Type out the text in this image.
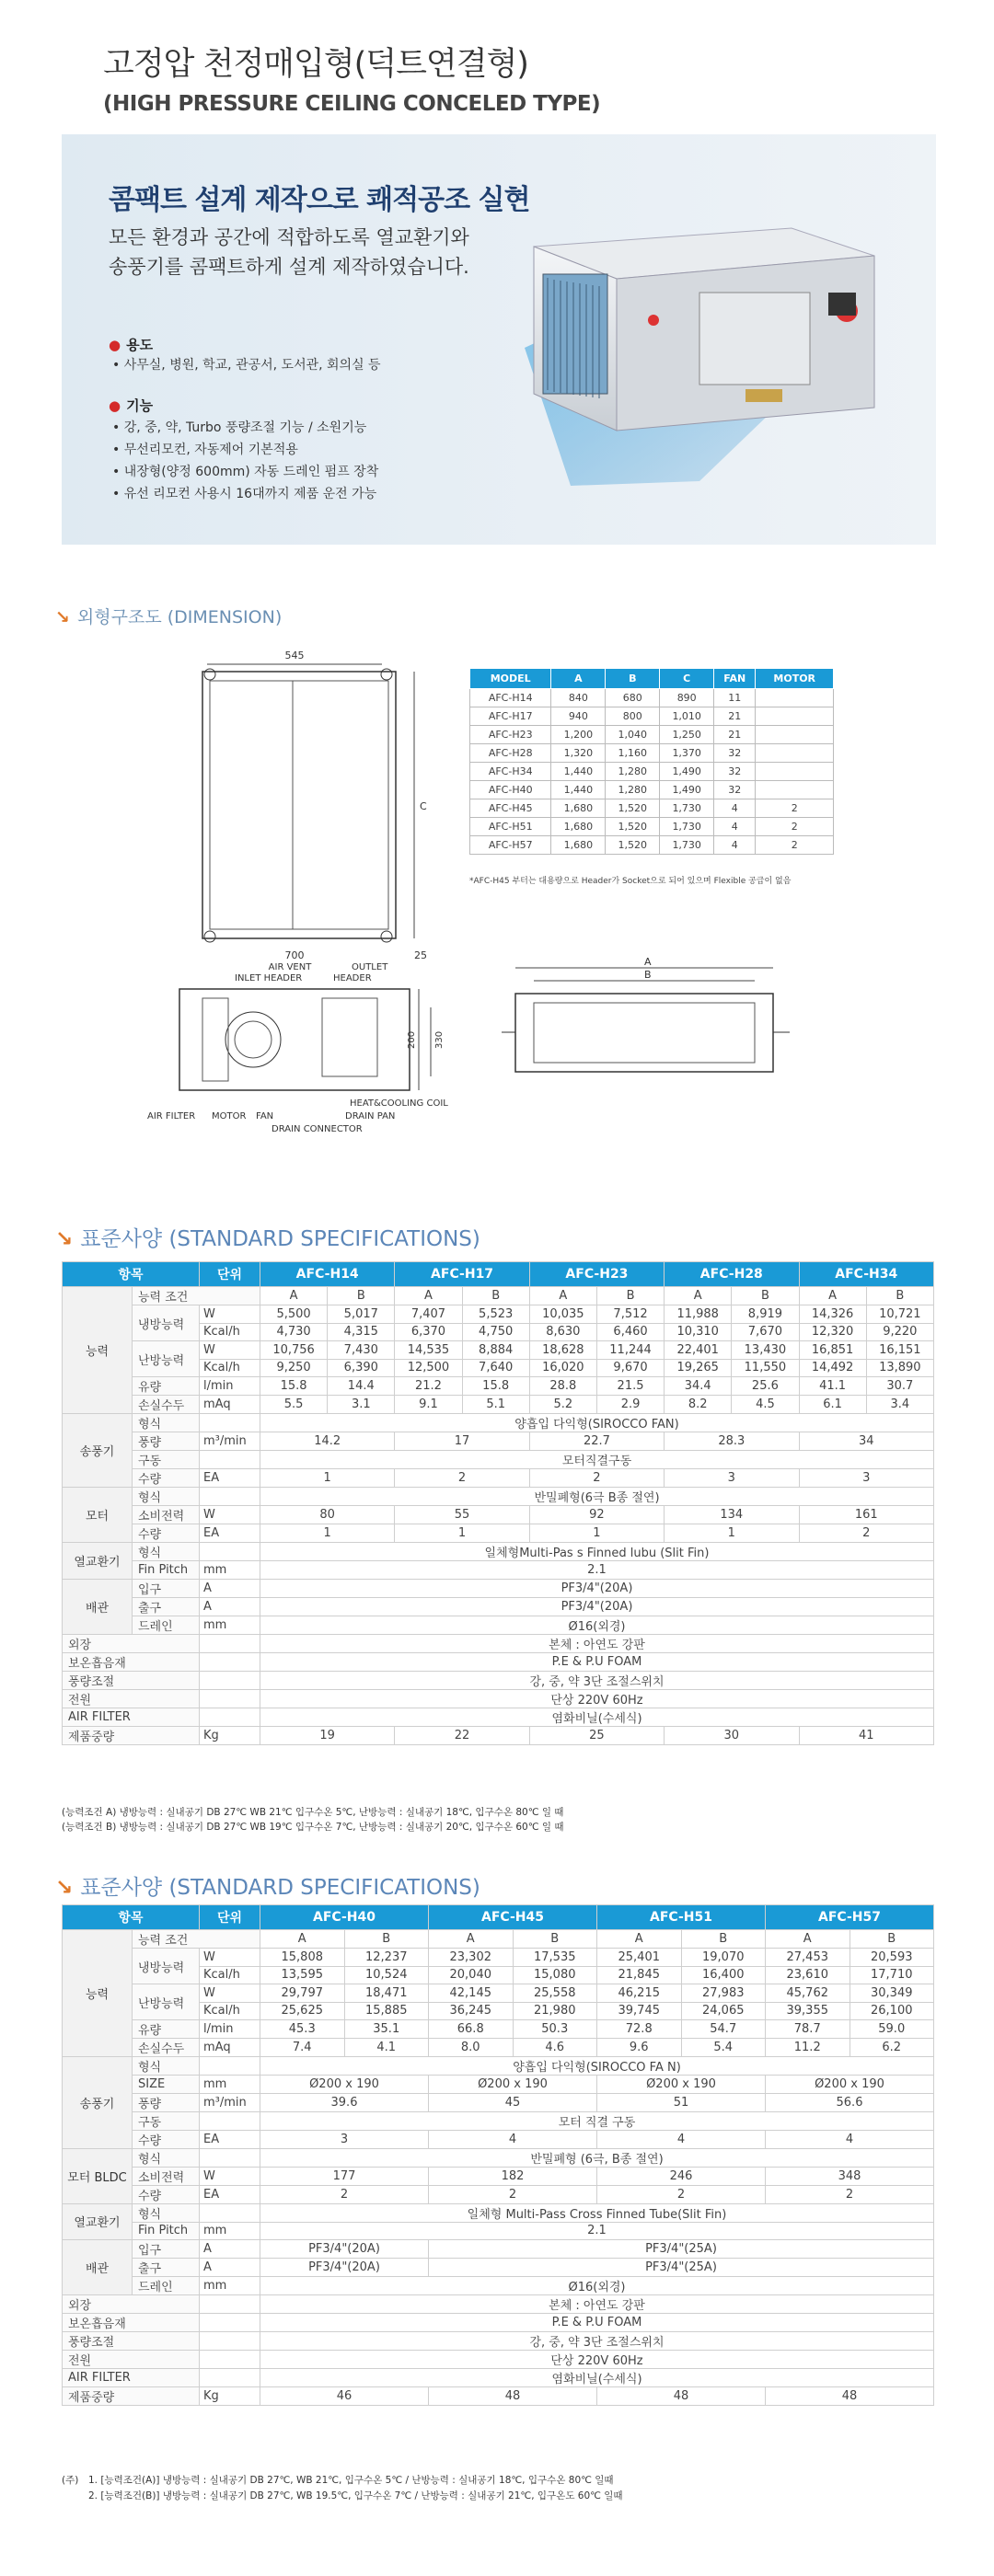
고정압 천정매입형(덕트연결형)
(HIGH PRESSURE CEILING CONCELED TYPE)
콤팩트 설계 제작으로 쾌적공조 실현
모든 환경과 공간에 적합하도록 열교환기와
송풍기를 콤팩트하게 설계 제작하였습니다.
● 용도
• 사무실, 병원, 학교, 관공서, 도서관, 회의실 등
● 기능
• 강, 중, 약, Turbo 풍량조절 기능 / 소원기능
• 무선리모컨, 자동제어 기본적용
• 내장형(양정 600mm) 자동 드레인 펌프 장착
• 유선 리모컨 사용시 16대까지 제품 운전 가능
↘ 외형구조도 (DIMENSION)
545
C
700	25
AIR VENT	OUTLET
INLET HEADER	HEADER
200 330
HEAT&COOLING COIL
DRAIN PAN
DRAIN CONNECTOR
AIR FILTER MOTOR FAN
A
B
MODEL	A	B	C	FAN	MOTOR
AFC-H14	840	680	890	11	
AFC-H17	940	800	1,010	21	
AFC-H23	1,200	1,040	1,250	21	
AFC-H28	1,320	1,160	1,370	32	
AFC-H34	1,440	1,280	1,490	32	
AFC-H40	1,440	1,280	1,490	32	
AFC-H45	1,680	1,520	1,730	4	2
AFC-H51	1,680	1,520	1,730	4	2
AFC-H57	1,680	1,520	1,730	4	2
*AFC-H45 부터는 대용량으로 Header가 Socket으로 되어 있으며 Flexible 공급이 없음
↘ 표준사양 (STANDARD SPECIFICATIONS)
항목		단위	AFC-H14		AFC-H17		AFC-H23		AFC-H28		AFC-H34	
능력	능력 조건		A	B	A	B	A	B	A	B	A	B
	냉방능력	W	5,500	5,017	7,407	5,523	10,035	7,512	11,988	8,919	14,326	10,721
		Kcal/h	4,730	4,315	6,370	4,750	8,630	6,460	10,310	7,670	12,320	9,220
	난방능력	W	10,756	7,430	14,535	8,884	18,628	11,244	22,401	13,430	16,851	16,151
		Kcal/h	9,250	6,390	12,500	7,640	16,020	9,670	19,265	11,550	14,492	13,890
	유량	l/min	15.8	14.4	21.2	15.8	28.8	21.5	34.4	25.6	41.1	30.7
	손실수두	mAq	5.5	3.1	9.1	5.1	5.2	2.9	8.2	4.5	6.1	3.4
송풍기	형식		양흡입 다익형(SIROCCO FAN)									
	풍량	m³/min	14.2		17		22.7		28.3		34	
	구동		모터직결구동									
	수량	EA	1		2		2		3		3	
모터	형식		반밀폐형(6극 B종 절연)									
	소비전력	W	80		55		92		134		161	
	수량	EA	1		1		1		1		2	
열교환기	형식		일체형Multi-Pas s Finned lubu (Slit Fin)									
	Fin Pitch	mm	2.1									
배관	입구	A	PF3/4"(20A)									
	출구	A	PF3/4"(20A)									
	드레인	mm	Ø16(외경)									
외장			본체 : 아연도 강판									
보온흡음재			P.E & P.U FOAM									
풍량조절			강, 중, 약 3단 조절스위치									
전원			단상 220V 60Hz									
AIR FILTER			염화비닐(수세식)									
제품중량		Kg	19		22		25		30		41	
(능력조건 A) 냉방능력 : 실내공기 DB 27℃ WB 21℃ 입구수온 5℃, 난방능력 : 실내공기 18℃, 입구수온 80℃ 일 때
(능력조건 B) 냉방능력 : 실내공기 DB 27℃ WB 19℃ 입구수온 7℃, 난방능력 : 실내공기 20℃, 입구수온 60℃ 일 때
↘ 표준사양 (STANDARD SPECIFICATIONS)
항목		단위	AFC-H40		AFC-H45		AFC-H51		AFC-H57	
능력	능력 조건		A	B	A	B	A	B	A	B
	냉방능력	W	15,808	12,237	23,302	17,535	25,401	19,070	27,453	20,593
		Kcal/h	13,595	10,524	20,040	15,080	21,845	16,400	23,610	17,710
	난방능력	W	29,797	18,471	42,145	25,558	46,215	27,983	45,762	30,349
		Kcal/h	25,625	15,885	36,245	21,980	39,745	24,065	39,355	26,100
	유량	l/min	45.3	35.1	66.8	50.3	72.8	54.7	78.7	59.0
	손실수두	mAq	7.4	4.1	8.0	4.6	9.6	5.4	11.2	6.2
송풍기	형식		양흡입 다익형(SIROCCO FA N)							
	SIZE	mm	Ø200 x 190		Ø200 x 190		Ø200 x 190		Ø200 x 190	
	풍량	m³/min	39.6		45		51		56.6	
	구동		모터 직결 구동							
	수량	EA	3		4		4		4	
모터 BLDC	형식		반밀폐형 (6극, B종 절연)							
	소비전력	W	177		182		246		348	
	수량	EA	2		2		2		2	
열교환기	형식		일체형 Multi-Pass Cross Finned Tube(Slit Fin)							
	Fin Pitch	mm	2.1							
배관	입구	A	PF3/4"(20A)		PF3/4"(25A)					
	출구	A	PF3/4"(20A)		PF3/4"(25A)					
	드레인	mm	Ø16(외경)							
외장			본체 : 아연도 강판							
보온흡음재			P.E & P.U FOAM							
풍량조절			강, 중, 약 3단 조절스위치							
전원			단상 220V 60Hz							
AIR FILTER			염화비닐(수세식)							
제품중량		Kg	46		48		48		48	
(주) 1. [능력조건(A)] 냉방능력 : 실내공기 DB 27℃, WB 21℃, 입구수온 5℃ / 난방능력 : 실내공기 18℃, 입구수온 80℃ 일때
2. [능력조건(B)] 냉방능력 : 실내공기 DB 27℃, WB 19.5℃, 입구수온 7℃ / 난방능력 : 실내공기 21℃, 입구온도 60℃ 일때
